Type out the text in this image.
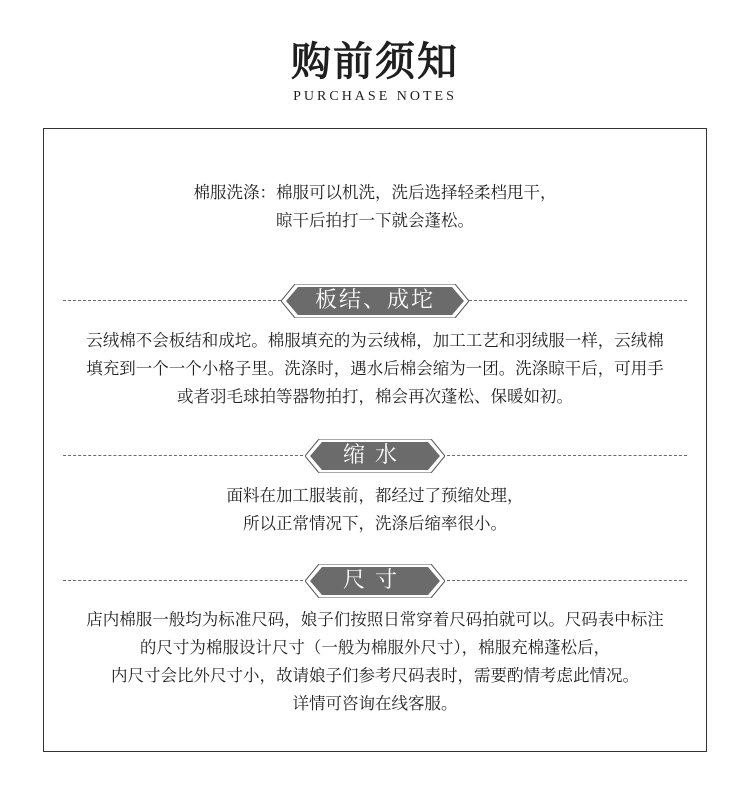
购前须知
PURCHASE NOTES
棉服洗涤：棉服可以机洗，洗后选择轻柔档甩干，
晾干后拍打一下就会蓬松。
板结、成坨
云绒棉不会板结和成坨。棉服填充的为云绒棉，加工工艺和羽绒服一样，云绒棉
填充到一个一个小格子里。洗涤时，遇水后棉会缩为一团。洗涤晾干后，可用手
或者羽毛球拍等器物拍打，棉会再次蓬松、保暖如初。
缩水
面料在加工服装前，都经过了预缩处理，
所以正常情况下，洗涤后缩率很小。
尺寸
店内棉服一般均为标准尺码，娘子们按照日常穿着尺码拍就可以。尺码表中标注
的尺寸为棉服设计尺寸（一般为棉服外尺寸），棉服充棉蓬松后，
内尺寸会比外尺寸小，故请娘子们参考尺码表时，需要酌情考虑此情况。
详情可咨询在线客服。
